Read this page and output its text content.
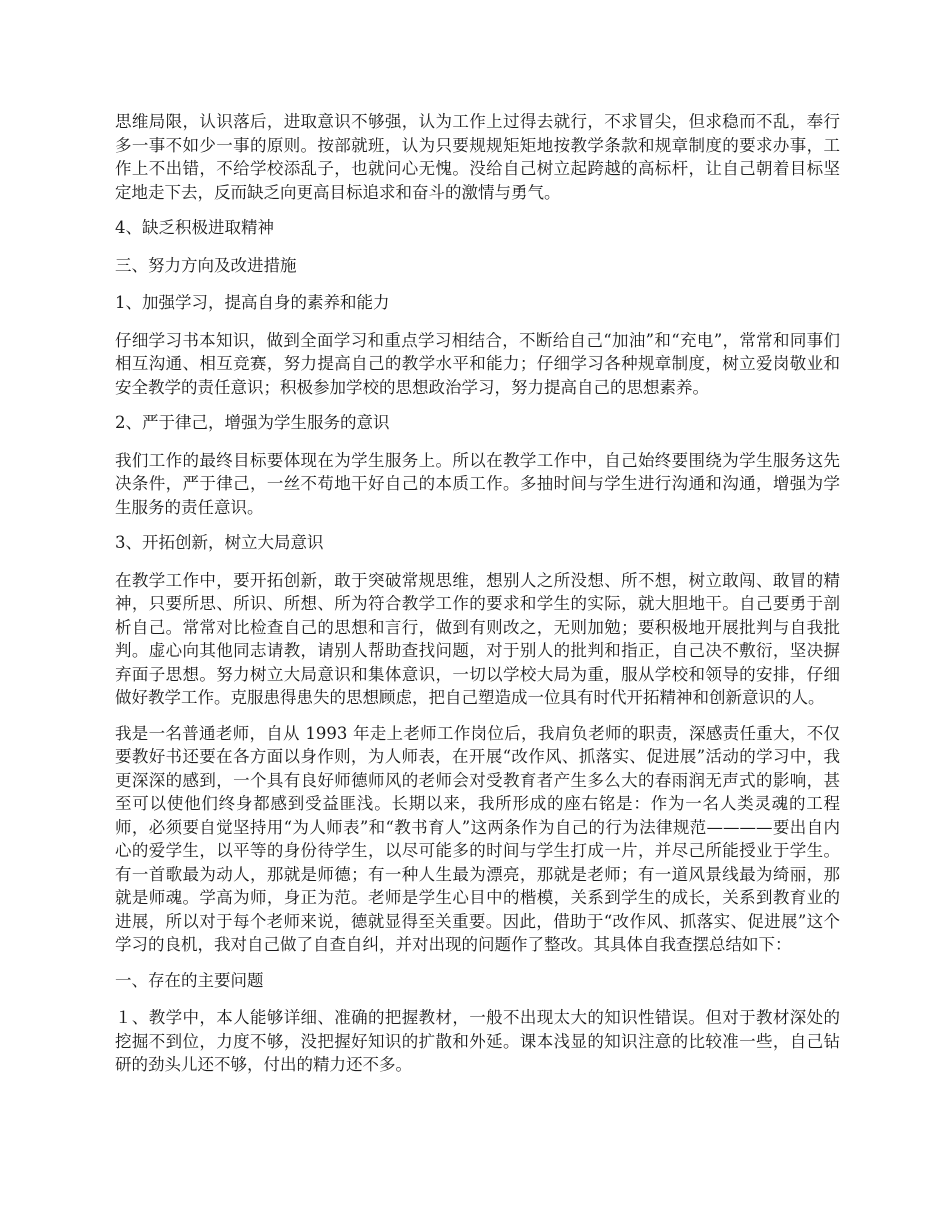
思维局限，认识落后，进取意识不够强，认为工作上过得去就行，不求冒尖，但求稳而不乱，奉行多一事不如少一事的原则。按部就班，认为只要规规矩矩地按教学条款和规章制度的要求办事，工作上不出错，不给学校添乱子，也就问心无愧。没给自己树立起跨越的高标杆，让自己朝着目标坚定地走下去，反而缺乏向更高目标追求和奋斗的激情与勇气。

4、缺乏积极进取精神

三、努力方向及改进措施

1、加强学习，提高自身的素养和能力

仔细学习书本知识，做到全面学习和重点学习相结合，不断给自己“加油”和“充电”，常常和同事们相互沟通、相互竞赛，努力提高自己的教学水平和能力；仔细学习各种规章制度，树立爱岗敬业和安全教学的责任意识；积极参加学校的思想政治学习，努力提高自己的思想素养。

2、严于律己，增强为学生服务的意识

我们工作的最终目标要体现在为学生服务上。所以在教学工作中，自己始终要围绕为学生服务这先决条件，严于律己，一丝不苟地干好自己的本质工作。多抽时间与学生进行沟通和沟通，增强为学生服务的责任意识。

3、开拓创新，树立大局意识

在教学工作中，要开拓创新，敢于突破常规思维，想别人之所没想、所不想，树立敢闯、敢冒的精神，只要所思、所识、所想、所为符合教学工作的要求和学生的实际，就大胆地干。自己要勇于剖析自己。常常对比检查自己的思想和言行，做到有则改之，无则加勉；要积极地开展批判与自我批判。虚心向其他同志请教，请别人帮助查找问题，对于别人的批判和指正，自己决不敷衍，坚决摒弃面子思想。努力树立大局意识和集体意识，一切以学校大局为重，服从学校和领导的安排，仔细做好教学工作。克服患得患失的思想顾虑，把自己塑造成一位具有时代开拓精神和创新意识的人。

我是一名普通老师，自从 1993 年走上老师工作岗位后，我肩负老师的职责，深感责任重大，不仅要教好书还要在各方面以身作则，为人师表，在开展“改作风、抓落实、促进展”活动的学习中，我更深深的感到，一个具有良好师德师风的老师会对受教育者产生多么大的春雨润无声式的影响，甚至可以使他们终身都感到受益匪浅。长期以来，我所形成的座右铭是：作为一名人类灵魂的工程师，必须要自觉坚持用“为人师表”和“教书育人”这两条作为自己的行为法律规范————要出自内心的爱学生，以平等的身份待学生，以尽可能多的时间与学生打成一片，并尽己所能授业于学生。有一首歌最为动人，那就是师德；有一种人生最为漂亮，那就是老师；有一道风景线最为绮丽，那就是师魂。学高为师，身正为范。老师是学生心目中的楷模，关系到学生的成长，关系到教育业的进展，所以对于每个老师来说，德就显得至关重要。因此，借助于“改作风、抓落实、促进展”这个学习的良机，我对自己做了自查自纠，并对出现的问题作了整改。其具体自我查摆总结如下：

一、存在的主要问题

１、教学中，本人能够详细、准确的把握教材，一般不出现太大的知识性错误。但对于教材深处的挖掘不到位，力度不够，没把握好知识的扩散和外延。课本浅显的知识注意的比较准一些，自己钻研的劲头儿还不够，付出的精力还不多。
